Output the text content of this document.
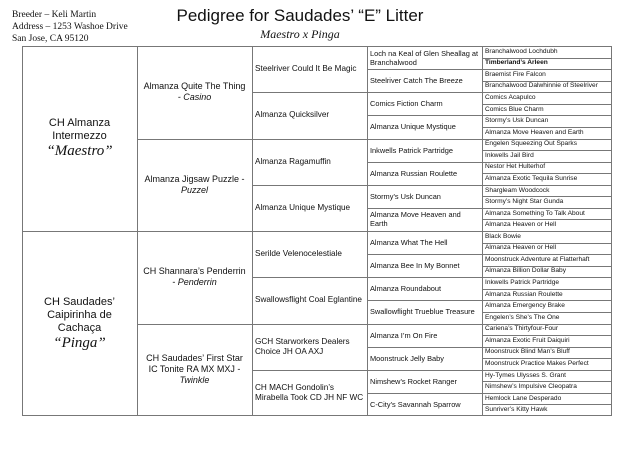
Breeder – Keli Martin
Address – 1253 Washoe Drive
San Jose, CA 95120
Pedigree for Saudades’ “E” Litter
Maestro x Pinga
CH Almanza Intermezzo
“Maestro”
CH Saudades’ Caipirinha de Cachaça
“Pinga”
Almanza Quite The Thing - Casino
Almanza Jigsaw Puzzle - Puzzel
CH Shannara’s Penderrin - Penderrin
CH Saudades’ First Star IC Tonite RA MX MXJ - Twinkle
Steelriver Could It Be Magic
Almanza Quicksilver
Almanza Ragamuffin
Almanza Unique Mystique
Serilde Velenocelestiale
Swallowsflight Coal Eglantine
GCH Starworkers Dealers Choice JH OA AXJ
CH MACH Gondolin’s Mirabella Took CD JH NF WC
Loch na Keal of Glen Sheallag at Branchalwood
Steelriver Catch The Breeze
Comics Fiction Charm
Almanza Unique Mystique
Inkwells Patrick Partridge
Almanza Russian Roulette
Stormy’s Usk Duncan
Almanza Move Heaven and Earth
Almanza What The Hell
Almanza Bee In My Bonnet
Almanza Roundabout
Swallowflight Trueblue Treasure
Almanza I’m On Fire
Moonstruck Jelly Baby
Nimshew’s Rocket Ranger
C-City’s Savannah Sparrow
Branchalwood Lochdubh
Timberland’s Arleen
Braemist Fire Falcon
Branchalwood Dalwhinnie of Steelriver
Comics Acapulco
Comics Blue Charm
Stormy’s Usk Duncan
Almanza Move Heaven and Earth
Engelen Squeezing Out Sparks
Inkwells Jail Bird
Nestor Het Hulterhof
Almanza Exotic Tequila Sunrise
Shargleam Woodcock
Stormy’s Night Star Gunda
Almanza Something To Talk About
Almanza Heaven or Hell
Black Bowie
Almanza Heaven or Hell
Moonstruck Adventure at Flatterhaft
Almanza Billion Dollar Baby
Inkwells Patrick Partridge
Almanza Russian Roulette
Almanza Emergency Brake
Engelen’s She’s The One
Cariena’s Thirtyfour-Four
Almanza Exotic Fruit Daiquiri
Moonstruck Blind Man’s Bluff
Moonstruck Practice Makes Perfect
Hy-Tymes Ulysses S. Grant
Nimshew’s Impulsive Cleopatra
Hemlock Lane Desperado
Sunriver’s Kitty Hawk
